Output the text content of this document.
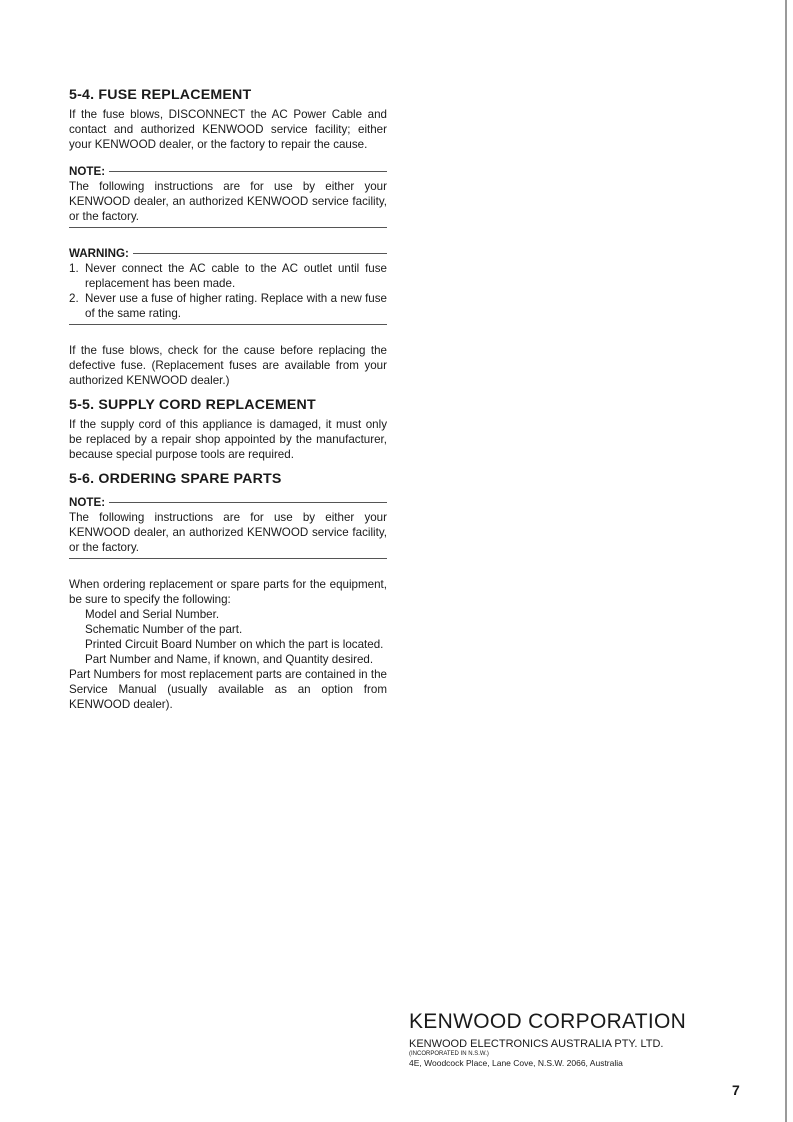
5-4. FUSE REPLACEMENT

If the fuse blows, DISCONNECT the AC Power Cable and contact and authorized KENWOOD service facility; either your KENWOOD dealer, or the factory to repair the cause.

NOTE:

The following instructions are for use by either your KENWOOD dealer, an authorized KENWOOD service facility, or the factory.

WARNING:
1. Never connect the AC cable to the AC outlet until fuse replacement has been made.
2. Never use a fuse of higher rating. Replace with a new fuse of the same rating.

If the fuse blows, check for the cause before replacing the defective fuse. (Replacement fuses are available from your authorized KENWOOD dealer.)

5-5. SUPPLY CORD REPLACEMENT

If the supply cord of this appliance is damaged, it must only be replaced by a repair shop appointed by the manufacturer, because special purpose tools are required.

5-6. ORDERING SPARE PARTS
NOTE:

The following instructions are for use by either your KENWOOD dealer, an authorized KENWOOD service facility, or the factory.

When ordering replacement or spare parts for the equipment, be sure to specify the following:

Model and Serial Number.

Schematic Number of the part.

Printed Circuit Board Number on which the part is located.

Part Number and Name, if known, and Quantity desired.

Part Numbers for most replacement parts are contained in the Service Manual (usually available as an option from KENWOOD dealer).

KENWOOD CORPORATION
KENWOOD ELECTRONICS AUSTRALIA PTY. LTD.
(INCORPORATED IN N.S.W.)
4E, Woodcock Place, Lane Cove, N.S.W. 2066, Australia
7
